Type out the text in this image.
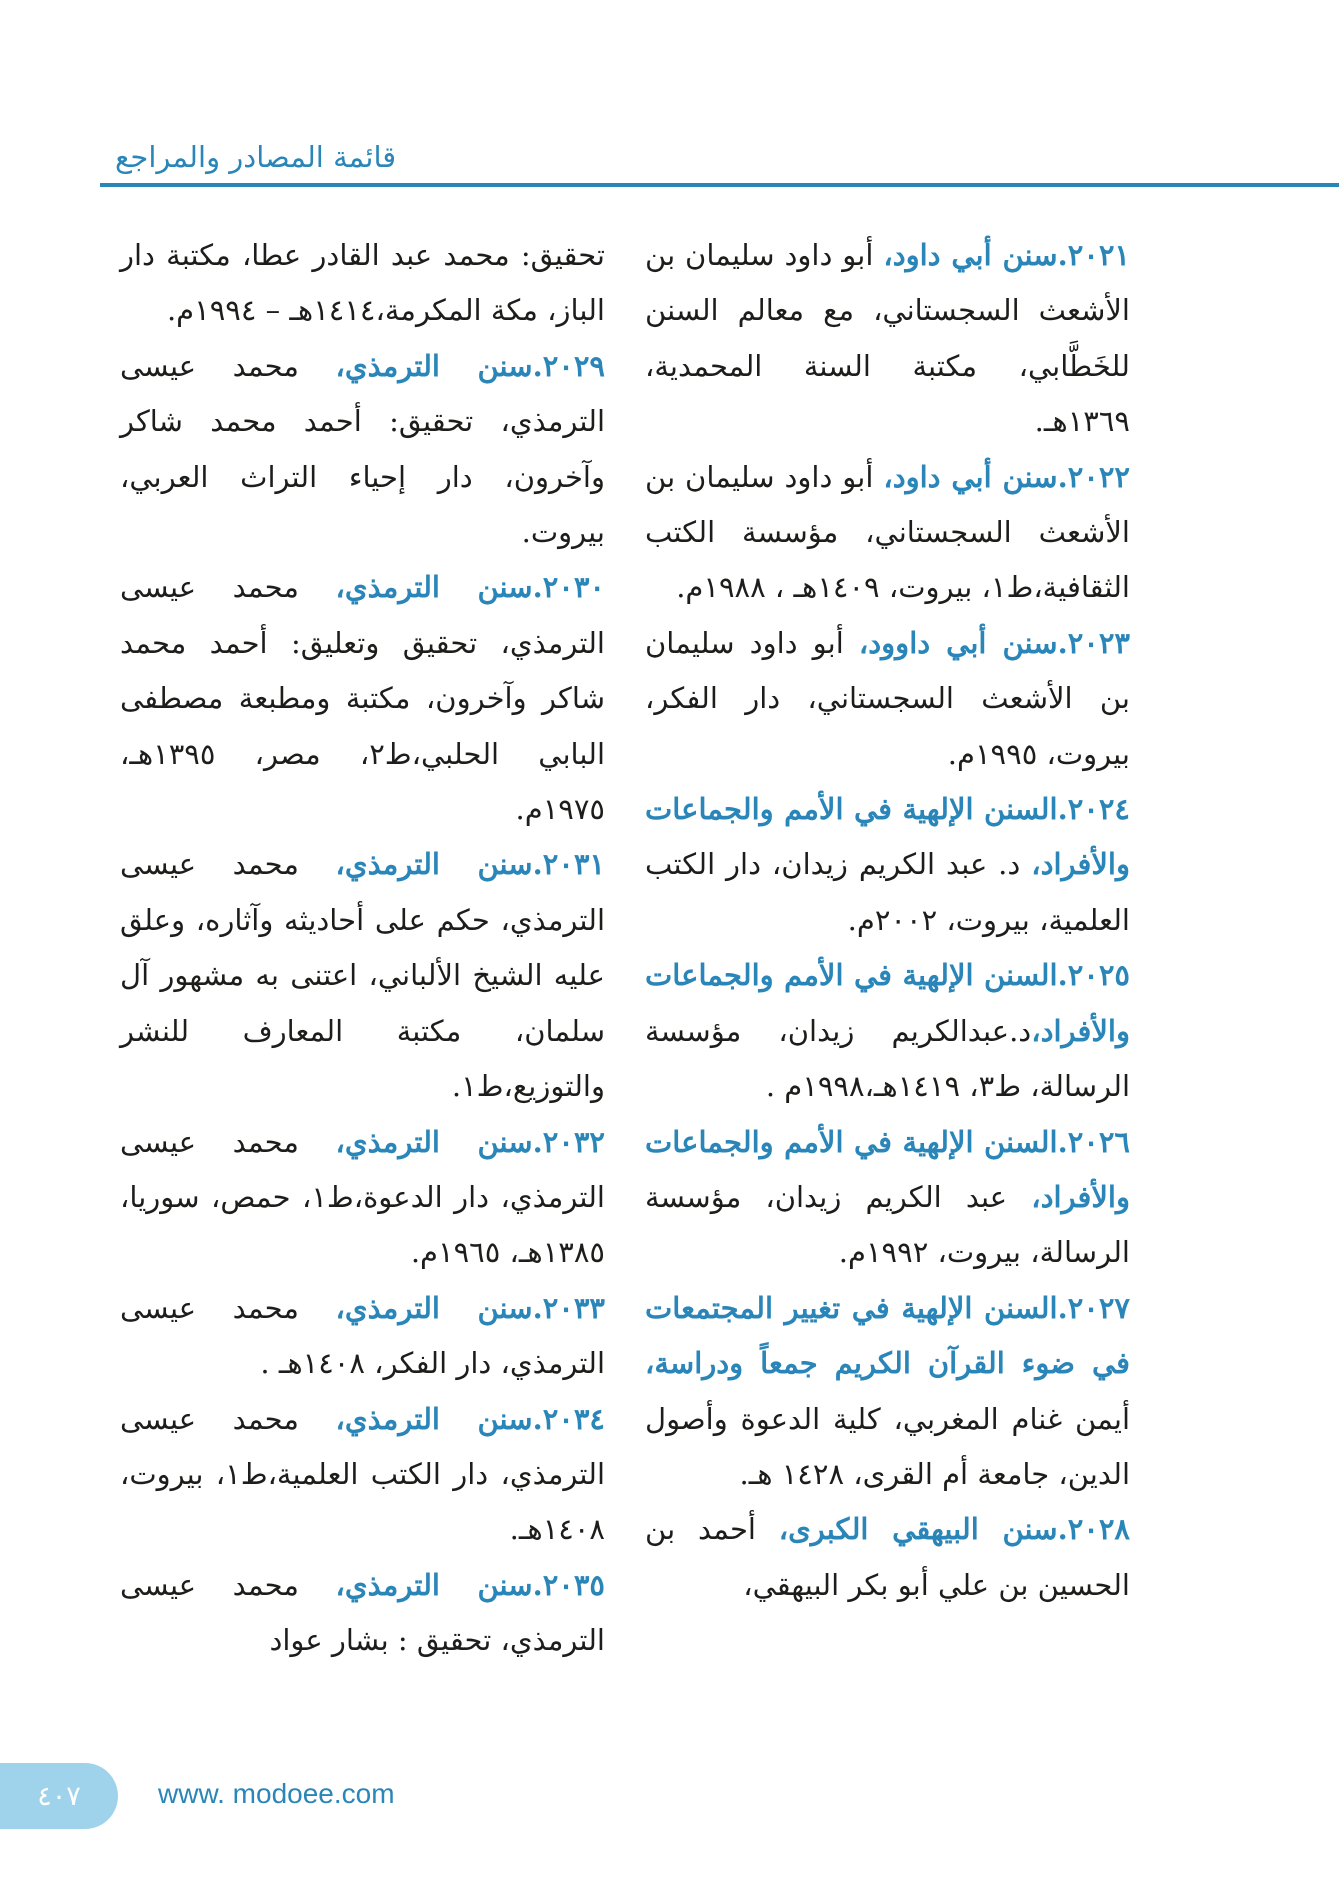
قائمة المصادر والمراجع

٢٠٢١.سنن أبي داود، أبو داود سليمان بن الأشعث السجستاني، مع معالم السنن للخَطَّابي، مكتبة السنة المحمدية، ١٣٦٩هـ.

٢٠٢٢.سنن أبي داود، أبو داود سليمان بن الأشعث السجستاني، مؤسسة الكتب الثقافية،ط١، بيروت، ١٤٠٩هـ ، ١٩٨٨م.

٢٠٢٣.سنن أبي داوود، أبو داود سليمان بن الأشعث السجستاني، دار الفكر، بيروت، ١٩٩٥م.

٢٠٢٤.السنن الإلهية في الأمم والجماعات والأفراد، د. عبد الكريم زيدان، دار الكتب العلمية، بيروت، ٢٠٠٢م.

٢٠٢٥.السنن الإلهية في الأمم والجماعات والأفراد،د.عبدالكريم زيدان، مؤسسة الرسالة، ط٣، ١٤١٩هـ،١٩٩٨م .

٢٠٢٦.السنن الإلهية في الأمم والجماعات والأفراد، عبد الكريم زيدان، مؤسسة الرسالة، بيروت، ١٩٩٢م.

٢٠٢٧.السنن الإلهية في تغيير المجتمعات في ضوء القرآن الكريم جمعاً ودراسة، أيمن غنام المغربي، كلية الدعوة وأصول الدين، جامعة أم القرى، ١٤٢٨ هـ.

٢٠٢٨.سنن البيهقي الكبرى، أحمد بن الحسين بن علي أبو بكر البيهقي،

تحقيق: محمد عبد القادر عطا، مكتبة دار الباز، مكة المكرمة،١٤١٤هـ – ١٩٩٤م.

٢٠٢٩.سنن الترمذي، محمد عيسى الترمذي، تحقيق: أحمد محمد شاكر وآخرون، دار إحياء التراث العربي، بيروت.

٢٠٣٠.سنن الترمذي، محمد عيسى الترمذي، تحقيق وتعليق: أحمد محمد شاكر وآخرون، مكتبة ومطبعة مصطفى البابي الحلبي،ط٢، مصر، ١٣٩٥هـ، ١٩٧٥م.

٢٠٣١.سنن الترمذي، محمد عيسى الترمذي، حكم على أحاديثه وآثاره، وعلق عليه الشيخ الألباني، اعتنى به مشهور آل سلمان، مكتبة المعارف للنشر والتوزيع،ط١.

٢٠٣٢.سنن الترمذي، محمد عيسى الترمذي، دار الدعوة،ط١، حمص، سوريا، ١٣٨٥هـ، ١٩٦٥م.

٢٠٣٣.سنن الترمذي، محمد عيسى الترمذي، دار الفكر، ١٤٠٨هـ .

٢٠٣٤.سنن الترمذي، محمد عيسى الترمذي، دار الكتب العلمية،ط١، بيروت، ١٤٠٨هـ.

٢٠٣٥.سنن الترمذي، محمد عيسى الترمذي، تحقيق : بشار عواد

٤٠٧	www. modoee.com
